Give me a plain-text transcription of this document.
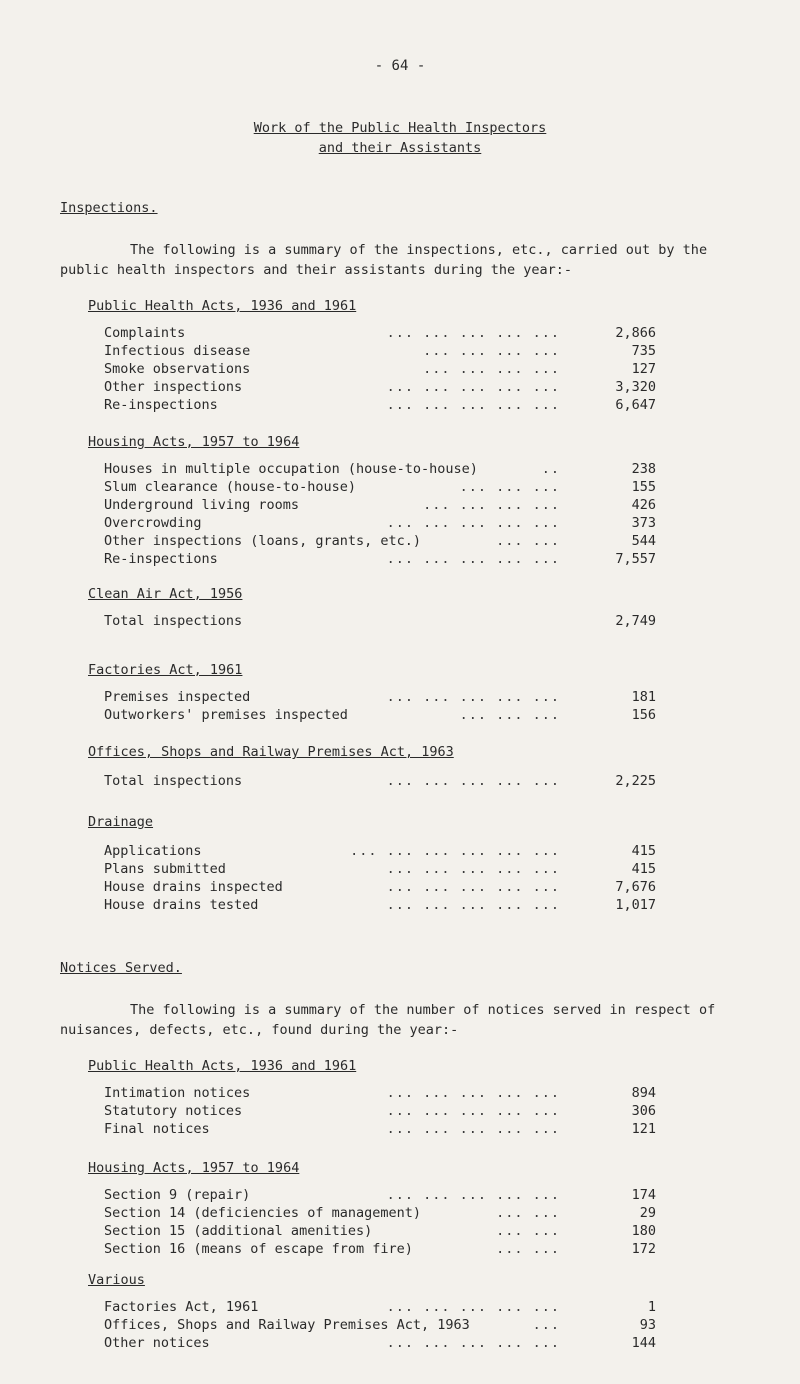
- 64 -
Work of the Public Health Inspectors
and their Assistants
Inspections.
The following is a summary of the inspections, etc., carried out by the public health inspectors and their assistants during the year:-
Public Health Acts, 1936 and 1961
Complaints	... ... ... ... ...	2,866
Infectious disease	... ... ... ...	735
Smoke observations	... ... ... ...	127
Other inspections	... ... ... ... ...	3,320
Re-inspections	... ... ... ... ...	6,647
Housing Acts, 1957 to 1964
Houses in multiple occupation (house-to-house)	..	238
Slum clearance (house-to-house)	... ... ...	155
Underground living rooms	... ... ... ...	426
Overcrowding	... ... ... ... ...	373
Other inspections (loans, grants, etc.)	... ...	544
Re-inspections	... ... ... ... ...	7,557
Clean Air Act, 1956
Total inspections	2,749
Factories Act, 1961
Premises inspected	... ... ... ... ...	181
Outworkers' premises inspected	... ... ...	156
Offices, Shops and Railway Premises Act, 1963
Total inspections	... ... ... ... ...	2,225
Drainage
Applications	... ... ... ... ... ...	415
Plans submitted	... ... ... ... ...	415
House drains inspected	... ... ... ... ...	7,676
House drains tested	... ... ... ... ...	1,017
Notices Served.
The following is a summary of the number of notices served in respect of nuisances, defects, etc., found during the year:-
Public Health Acts, 1936 and 1961
Intimation notices	... ... ... ... ...	894
Statutory notices	... ... ... ... ...	306
Final notices	... ... ... ... ...	121
Housing Acts, 1957 to 1964
Section 9 (repair)	... ... ... ... ...	174
Section 14 (deficiencies of management)	... ...	29
Section 15 (additional amenities)	... ...	180
Section 16 (means of escape from fire)	... ...	172
Various
Factories Act, 1961	... ... ... ... ...	1
Offices, Shops and Railway Premises Act, 1963	...	93
Other notices	... ... ... ... ...	144
